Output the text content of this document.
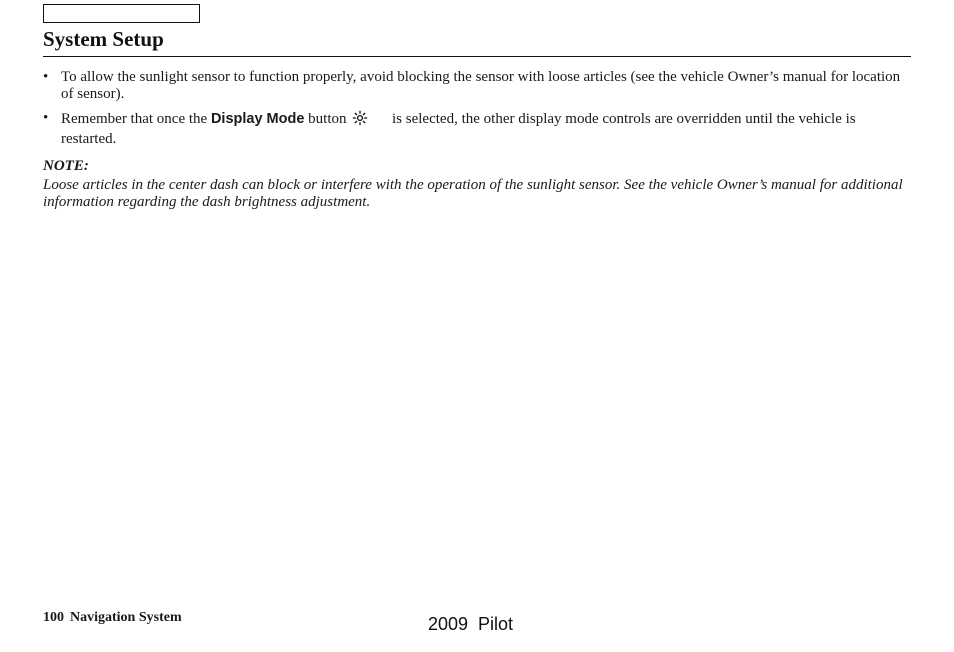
System Setup
• To allow the sunlight sensor to function properly, avoid blocking the sensor with loose articles (see the vehicle Owner’s manual for location of sensor).
• Remember that once the Display Mode button	is selected, the other display mode controls are overridden until the vehicle is restarted.

NOTE:

Loose articles in the center dash can block or interfere with the operation of the sunlight sensor. See the vehicle Owner’s manual for additional information regarding the dash brightness adjustment.

100 Navigation System	2009  Pilot
